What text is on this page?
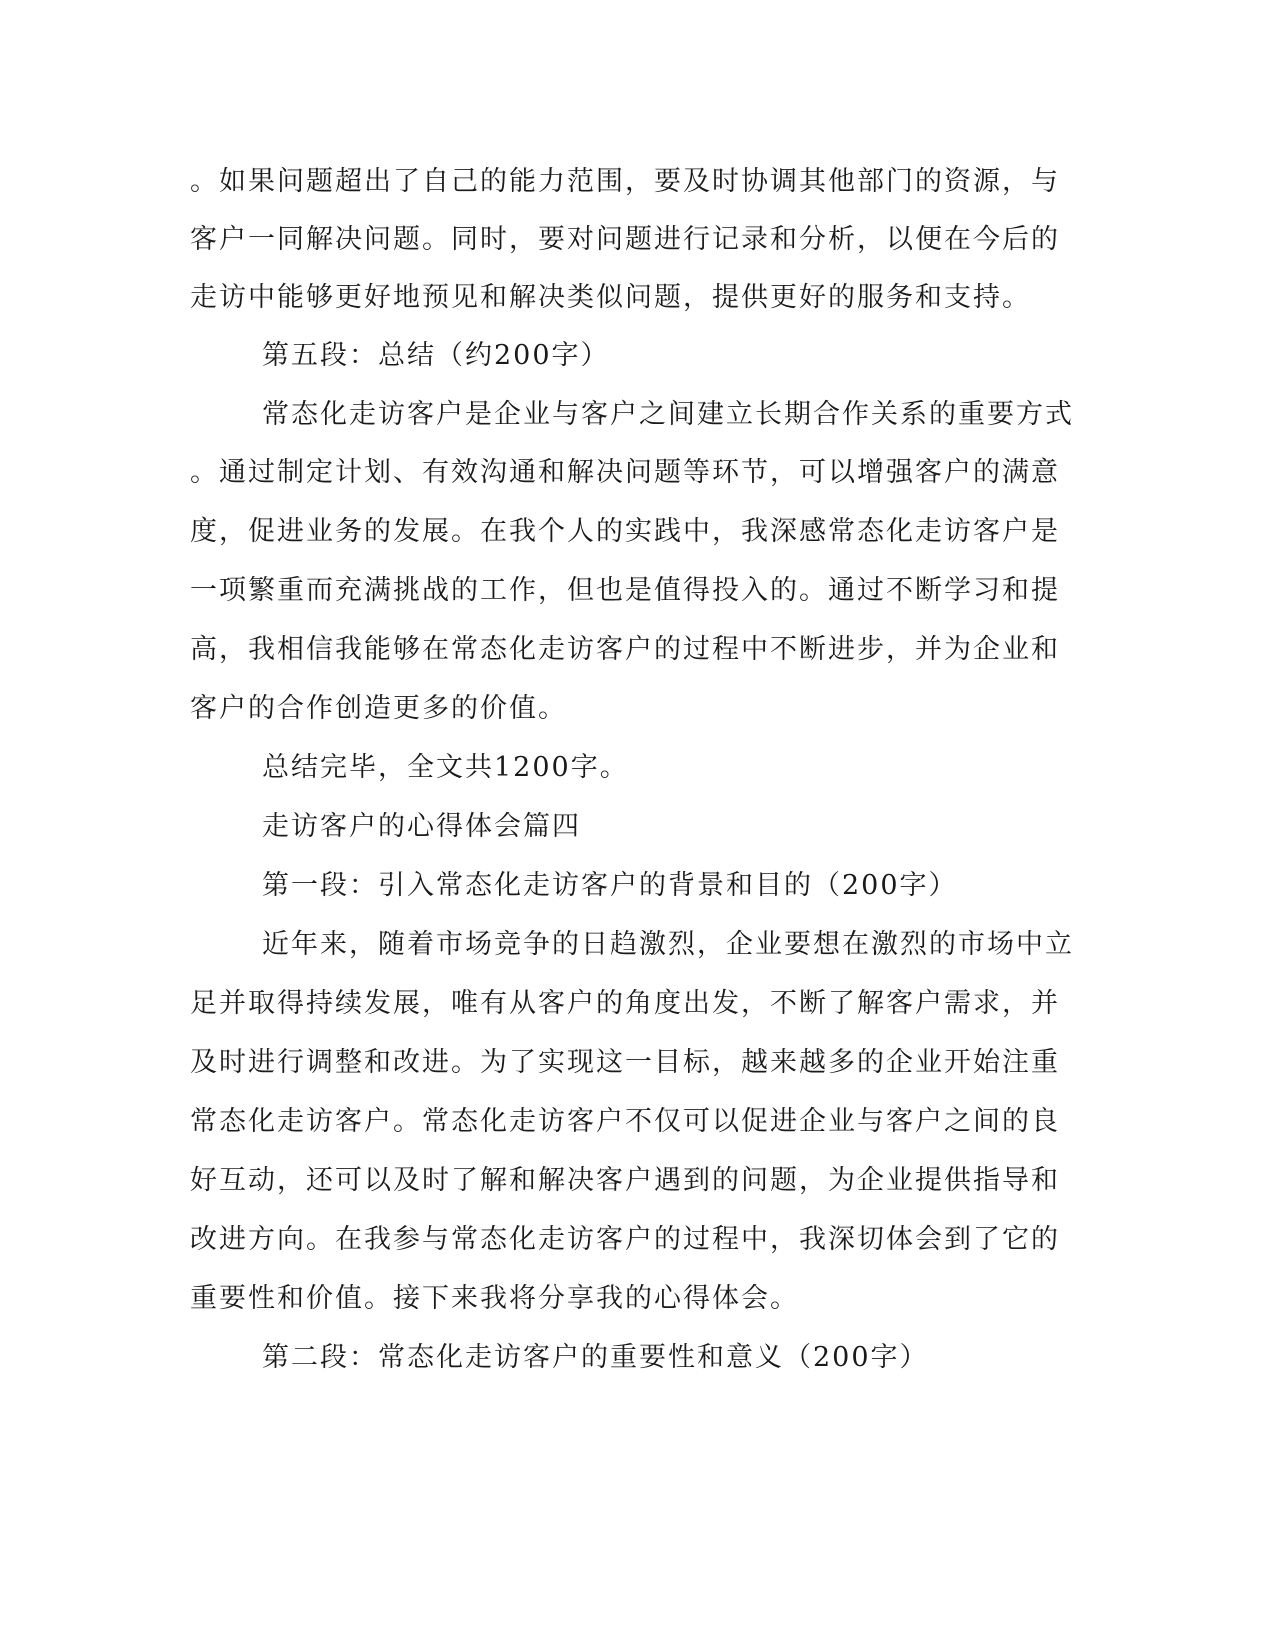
。如果问题超出了自己的能力范围，要及时协调其他部门的资源，与
客户一同解决问题。同时，要对问题进行记录和分析，以便在今后的
走访中能够更好地预见和解决类似问题，提供更好的服务和支持。
第五段：总结（约200字）
常态化走访客户是企业与客户之间建立长期合作关系的重要方式
。通过制定计划、有效沟通和解决问题等环节，可以增强客户的满意
度，促进业务的发展。在我个人的实践中，我深感常态化走访客户是
一项繁重而充满挑战的工作，但也是值得投入的。通过不断学习和提
高，我相信我能够在常态化走访客户的过程中不断进步，并为企业和
客户的合作创造更多的价值。
总结完毕，全文共1200字。
走访客户的心得体会篇四
第一段：引入常态化走访客户的背景和目的（200字）
近年来，随着市场竞争的日趋激烈，企业要想在激烈的市场中立
足并取得持续发展，唯有从客户的角度出发，不断了解客户需求，并
及时进行调整和改进。为了实现这一目标，越来越多的企业开始注重
常态化走访客户。常态化走访客户不仅可以促进企业与客户之间的良
好互动，还可以及时了解和解决客户遇到的问题，为企业提供指导和
改进方向。在我参与常态化走访客户的过程中，我深切体会到了它的
重要性和价值。接下来我将分享我的心得体会。
第二段：常态化走访客户的重要性和意义（200字）
